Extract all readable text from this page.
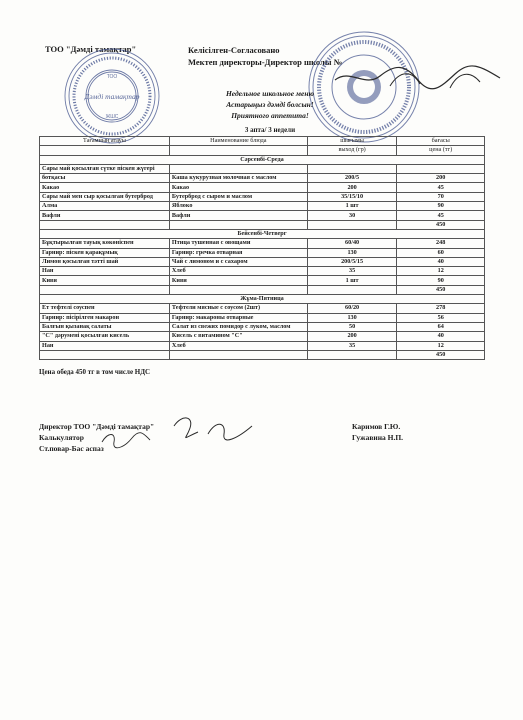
ТОО "Дәмді тамақтар"	Келісілген-Согласовано
Мектеп директоры-Директор школы №
ТОО
Дәмді тамақтар
ЖШС
Недельное школьное меню
Астарыңыз дәмді болсын!
Приятного аппетита!
3 апта/ 3 недели
Тағамның атауы	Наименование блюда	шығымы	бағасы
		выход (гр)	цена (тг)
Сәрсенбі-Среда			
Сары май қосылған сүтке піскен жүгері			
ботқасы	Каша кукурузная молочная с маслом	200/5	200
Какао	Какао	200	45
Сары май мен сыр қосылған бутерброд	Бутерброд с сыром и маслом	35/15/10	70
Алма	Яблоко	1 шт	90
Вафли	Вафли	30	45
			450
Бейсенбі-Четверг			
Бұқтырылған тауық көкөніспен	Птица тушенная с овощами	60/40	248
Гарнир: піскен қарақұмық	Гарнир: гречка отварная	130	60
Лимон қосылған тәтті шай	Чай с лимоном и с сахаром	200/5/15	40
Нан	Хлеб	35	12
Киви	Киви	1 шт	90
			450
Жұма-Пятница			
Ет тефтелі соуспен	Тефтели мясные с соусом (2шт)	60/20	278
Гарнир: пісірілген макарон	Гарнир: макароны отварные	130	56
Балғын қызанақ салаты	Салат из свежих помидор с луком, маслом	50	64
"С" дәрумені қосылған кисель	Кисель с витамином "С"	200	40
Нан	Хлеб	35	12
			450
Цена обеда 450 тг в том числе НДС
Директор ТОО "Дәмді тамақтар"
Калькулятор
Ст.повар-Бас аспаз
Каримов Г.Ю.
Гужавина Н.П.
